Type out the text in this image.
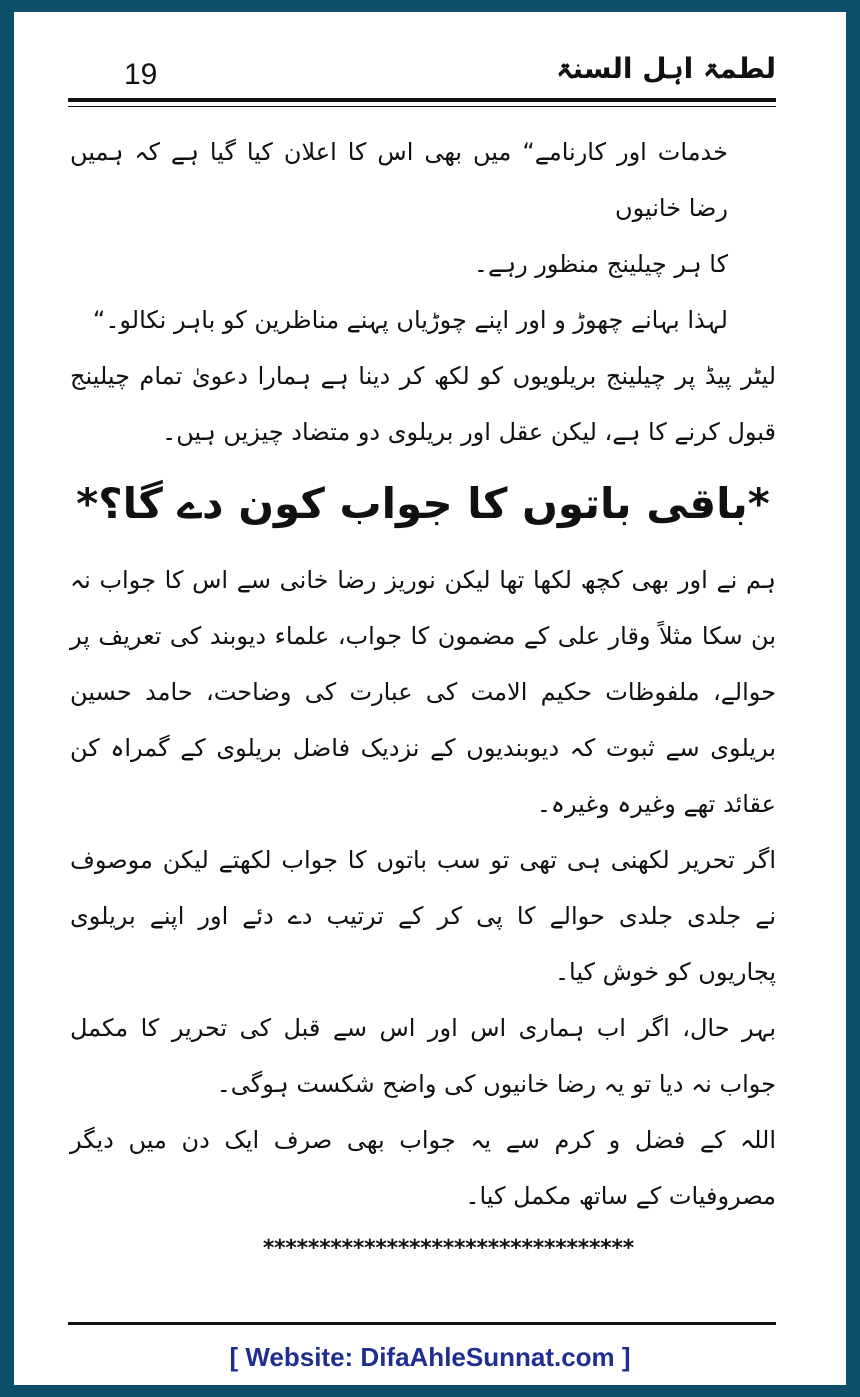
19	لطمۃ اہل السنۃ

خدمات اور کارنامے“ میں بھی اس کا اعلان کیا گیا ہے کہ ہمیں رضا خانیوں

کا ہر چیلینج منظور رہے۔

لہذا بہانے چھوڑ و اور اپنے چوڑیاں پہنے مناظرین کو باہر نکالو۔“

لیٹر پیڈ پر چیلینج بریلویوں کو لکھ کر دینا ہے ہمارا دعویٰ تمام چیلینج قبول کرنے کا ہے، لیکن عقل اور بریلوی دو متضاد چیزیں ہیں۔

*باقی باتوں کا جواب کون دے گا؟*

ہم نے اور بھی کچھ لکھا تھا لیکن نوریز رضا خانی سے اس کا جواب نہ بن سکا مثلاً وقار علی کے مضمون کا جواب، علماء دیوبند کی تعریف پر حوالے، ملفوظات حکیم الامت کی عبارت کی وضاحت، حامد حسین بریلوی سے ثبوت کہ دیوبندیوں کے نزدیک فاضل بریلوی کے گمراہ کن عقائد تھے وغیرہ وغیرہ۔

اگر تحریر لکھنی ہی تھی تو سب باتوں کا جواب لکھتے لیکن موصوف نے جلدی جلدی حوالے کا پی کر کے ترتیب دے دئے اور اپنے بریلوی پجاریوں کو خوش کیا۔

بہر حال، اگر اب ہماری اس اور اس سے قبل کی تحریر کا مکمل جواب نہ دیا تو یہ رضا خانیوں کی واضح شکست ہوگی۔

اللہ کے فضل و کرم سے یہ جواب بھی صرف ایک دن میں دیگر مصروفیات کے ساتھ مکمل کیا۔

*********************************
[ Website: DifaAhleSunnat.com ]
